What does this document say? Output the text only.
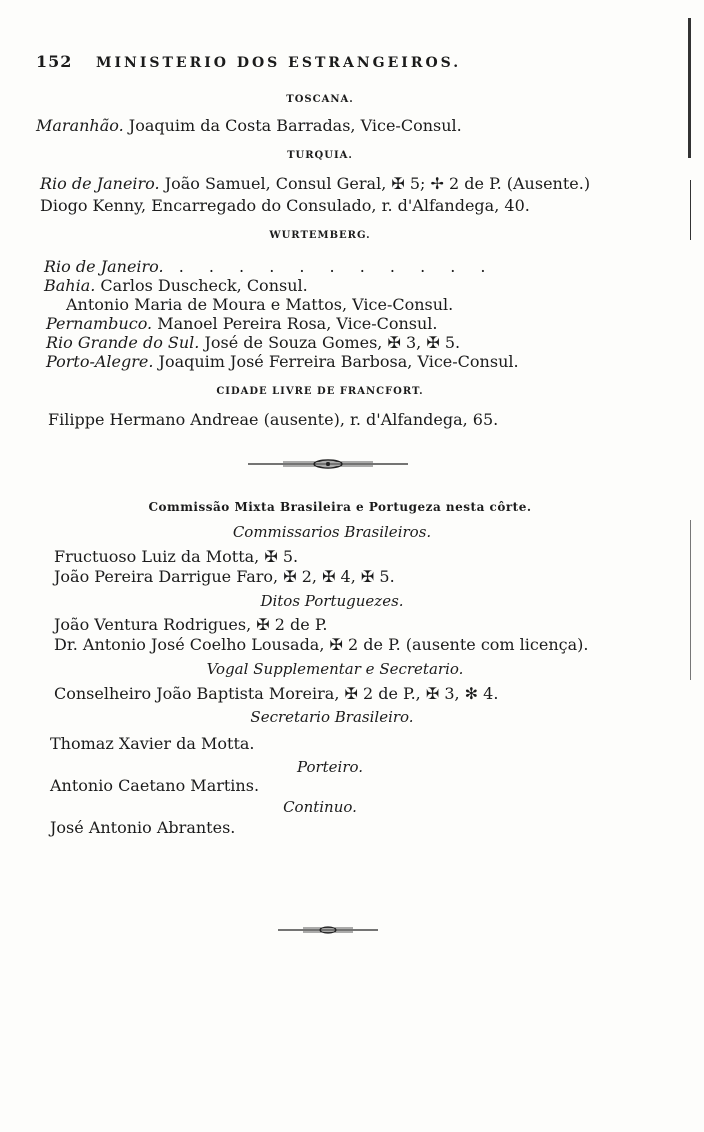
152 MINISTERIO DOS ESTRANGEIROS.
TOSCANA.
Maranhão. Joaquim da Costa Barradas, Vice-Consul.
TURQUIA.
Rio de Janeiro. João Samuel, Consul Geral, ✠ 5; ✢ 2 de P. (Ausente.)
Diogo Kenny, Encarregado do Consulado, r. d'Alfandega, 40.
WURTEMBERG.
Rio de Janeiro. . . . . . . . . . . .
Bahia. Carlos Duscheck, Consul.
Antonio Maria de Moura e Mattos, Vice-Consul.
Pernambuco. Manoel Pereira Rosa, Vice-Consul.
Rio Grande do Sul. José de Souza Gomes, ✠ 3, ✠ 5.
Porto-Alegre. Joaquim José Ferreira Barbosa, Vice-Consul.
CIDADE LIVRE DE FRANCFORT.
Filippe Hermano Andreae (ausente), r. d'Alfandega, 65.
Commissão Mixta Brasileira e Portugeza nesta côrte.
Commissarios Brasileiros.
Fructuoso Luiz da Motta, ✠ 5.
João Pereira Darrigue Faro, ✠ 2, ✠ 4, ✠ 5.
Ditos Portuguezes.
João Ventura Rodrigues, ✠ 2 de P.
Dr. Antonio José Coelho Lousada, ✠ 2 de P. (ausente com licença).
Vogal Supplementar e Secretario.
Conselheiro João Baptista Moreira, ✠ 2 de P., ✠ 3, ✻ 4.
Secretario Brasileiro.
Thomaz Xavier da Motta.
Porteiro.
Antonio Caetano Martins.
Continuo.
José Antonio Abrantes.
